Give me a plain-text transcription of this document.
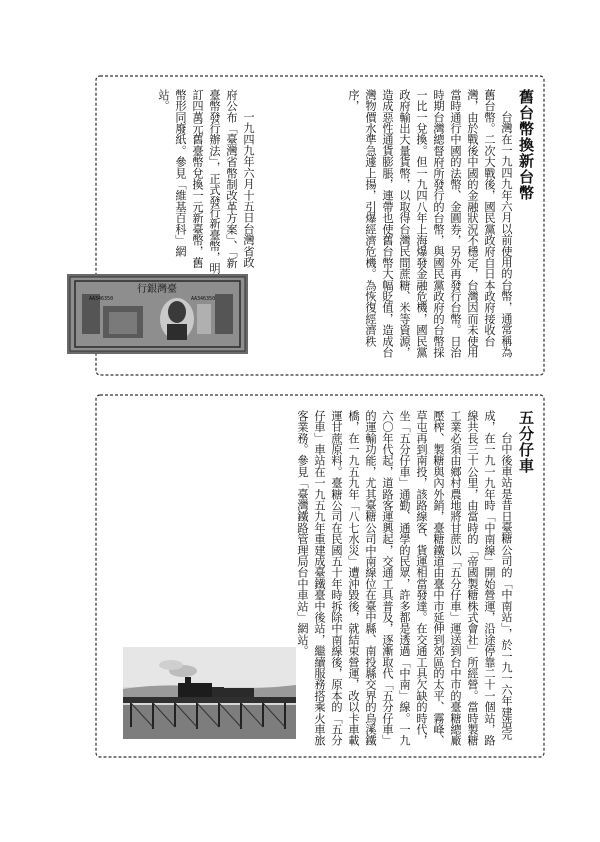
舊台幣換新台幣
台灣在一九四九年六月以前使用的台幣，通常稱為舊台幣。二次大戰後，國民黨政府自日本政府接收台灣，由於戰後中國的金融狀況不穩定，台灣因而未使用當時通行中國的法幣、金圓券，另外再發行台幣。日治時期台灣總督府所發行的台幣，與國民黨政府的台幣採一比一兌換。但一九四八年上海爆發金融危機，國民黨政府輸出大量貨幣，以取得台灣民間蔗糖、米等資源，造成惡性通貨膨脹，連帶也使舊台幣大幅貶值，造成台灣物價水準急遽上揚，引爆經濟危機。為恢復經濟秩序，
一九四九年六月十五日台灣省政府公布「臺灣省幣制改革方案」、「新臺幣發行辦法」，正式發行新臺幣，明訂四萬元舊臺幣兌換一元新臺幣，舊幣形同廢紙。參見「維基百科」網站。
行銀灣臺
AA346350	AA346350
五分仔車
台中後車站是昔日臺糖公司的「中南站」，於一九一六年建造完成，在一九一九年時「中南線」開始營運，沿途停靠二十一個站，路線共長三十公里，由當時的「帝國製糖株式會社」所經營。當時製糖工業必須由鄉村農地將甘蔗以「五分仔車」運送到台中市的臺糖總廠壓榨、製糖與內外銷，臺糖鐵道由臺中市延伸到郊區的太平、霧峰、草屯再到南投，該路線客、貨運相當發達。在交通工具欠缺的時代，坐「五分仔車」通勤、通學的民眾，許多都是透過「中南」線。一九六〇年代起，道路客運興起，交通工具普及，逐漸取代「五分仔車」的運輸功能，尤其臺糖公司中南線位在臺中縣、南投縣交界的烏溪鐵橋，在一九五九年「八七水災」遭沖毀後，就結束營運，改以卡車載運甘蔗原料。臺糖公司在民國五十年時拆除中南線後，原本的「五分仔車」車站在一九五九年重建成臺鐵臺中後站，繼續服務搭乘火車旅客業務。參見「臺灣鐵路管理局台中車站」網站。
